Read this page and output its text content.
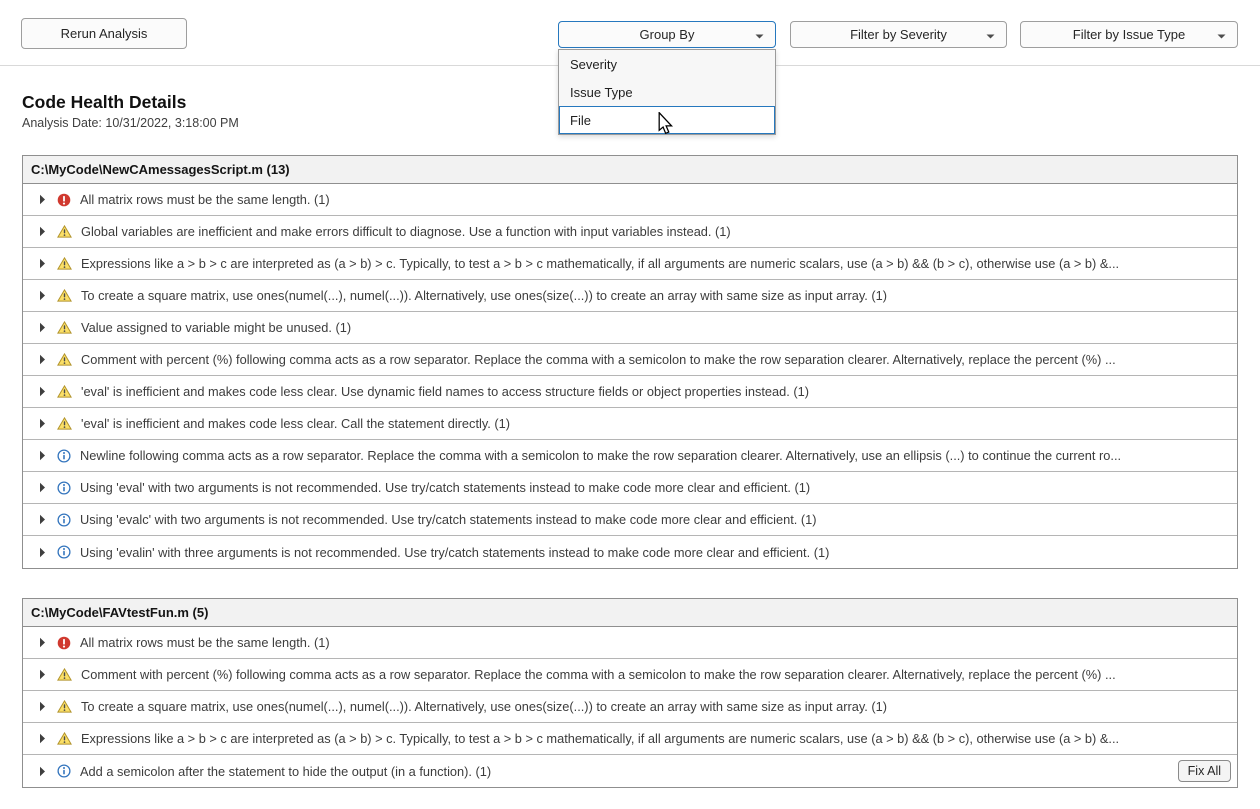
Rerun Analysis	Group By	Filter by Severity	Filter by Issue Type
Severity
Issue Type
File
Code Health Details
Analysis Date: 10/31/2022, 3:18:00 PM
C:\MyCode\NewCAmessagesScript.m (13)
All matrix rows must be the same length. (1)
Global variables are inefficient and make errors difficult to diagnose. Use a function with input variables instead. (1)
Expressions like a > b > c are interpreted as (a > b) > c. Typically, to test a > b > c mathematically, if all arguments are numeric scalars, use (a > b) && (b > c), otherwise use (a > b) &...
To create a square matrix, use ones(numel(...), numel(...)). Alternatively, use ones(size(...)) to create an array with same size as input array. (1)
Value assigned to variable might be unused. (1)
Comment with percent (%) following comma acts as a row separator. Replace the comma with a semicolon to make the row separation clearer. Alternatively, replace the percent (%) ...
'eval' is inefficient and makes code less clear. Use dynamic field names to access structure fields or object properties instead. (1)
'eval' is inefficient and makes code less clear. Call the statement directly. (1)
Newline following comma acts as a row separator. Replace the comma with a semicolon to make the row separation clearer. Alternatively, use an ellipsis (...) to continue the current ro...
Using 'eval' with two arguments is not recommended. Use try/catch statements instead to make code more clear and efficient. (1)
Using 'evalc' with two arguments is not recommended. Use try/catch statements instead to make code more clear and efficient. (1)
Using 'evalin' with three arguments is not recommended. Use try/catch statements instead to make code more clear and efficient. (1)
C:\MyCode\FAVtestFun.m (5)
All matrix rows must be the same length. (1)
Comment with percent (%) following comma acts as a row separator. Replace the comma with a semicolon to make the row separation clearer. Alternatively, replace the percent (%) ...
To create a square matrix, use ones(numel(...), numel(...)). Alternatively, use ones(size(...)) to create an array with same size as input array. (1)
Expressions like a > b > c are interpreted as (a > b) > c. Typically, to test a > b > c mathematically, if all arguments are numeric scalars, use (a > b) && (b > c), otherwise use (a > b) &...
Add a semicolon after the statement to hide the output (in a function). (1)	Fix All
